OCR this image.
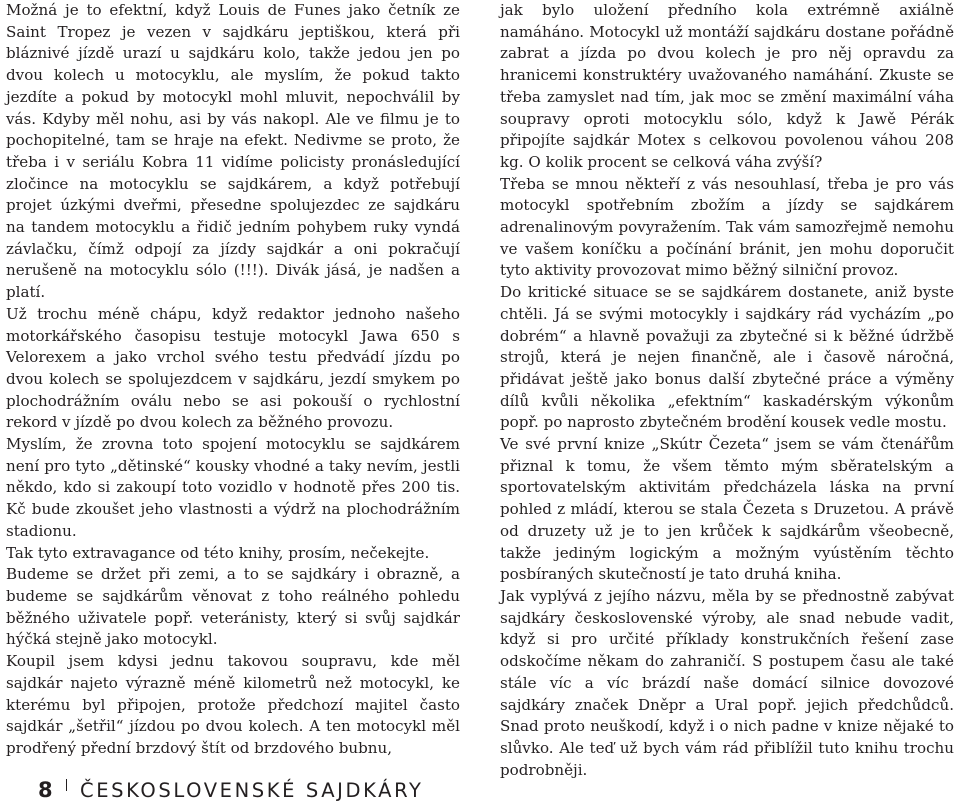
Možná je to efektní, když Louis de Funes jako četník ze Saint Tropez je vezen v sajdkáru jeptiškou, která při bláznivé jízdě urazí u sajdkáru kolo, takže jedou jen po dvou kolech u motocyklu, ale myslím, že pokud takto jezdíte a pokud by motocykl mohl mluvit, nepochválil by vás. Kdyby měl nohu, asi by vás nakopl. Ale ve filmu je to pochopitelné, tam se hraje na efekt. Nedivme se proto, že třeba i v seriálu Kobra 11 vidíme policisty pronásledující zločince na motocyklu se sajdkárem, a když potřebují projet úzkými dveřmi, přesedne spolujezdec ze sajdkáru na tandem motocyklu a řidič jedním pohybem ruky vyndá závlačku, čímž odpojí za jízdy sajdkár a oni pokračují nerušeně na motocyklu sólo (!!!). Divák jásá, je nadšen a platí.

Už trochu méně chápu, když redaktor jednoho našeho motorkářského časopisu testuje motocykl Jawa 650 s Velorexem a jako vrchol svého testu předvádí jízdu po dvou kolech se spolujezdcem v sajdkáru, jezdí smykem po plochodrážním oválu nebo se asi pokouší o rychlostní rekord v jízdě po dvou kolech za běžného provozu.

Myslím, že zrovna toto spojení motocyklu se sajdkárem není pro tyto „dětinské“ kousky vhodné a taky nevím, jestli někdo, kdo si zakoupí toto vozidlo v hodnotě přes 200 tis. Kč bude zkoušet jeho vlastnosti a výdrž na plochodrážním stadionu.

Tak tyto extravagance od této knihy, prosím, nečekejte.

Budeme se držet při zemi, a to se sajdkáry i obrazně, a budeme se sajdkárům věnovat z toho reálného pohledu běžného uživatele popř. veteránisty, který si svůj sajdkár hýčká stejně jako motocykl.

Koupil jsem kdysi jednu takovou soupravu, kde měl sajdkár najeto výrazně méně kilometrů než motocykl, ke kterému byl připojen, protože předchozí majitel často sajdkár „šetřil“ jízdou po dvou kolech. A ten motocykl měl prodřený přední brzdový štít od brzdového bubnu,

jak bylo uložení předního kola extrémně axiálně namáháno. Motocykl už montáží sajdkáru dostane pořádně zabrat a jízda po dvou kolech je pro něj opravdu za hranicemi konstruktéry uvažovaného namáhání. Zkuste se třeba zamyslet nad tím, jak moc se změní maximální váha soupravy oproti motocyklu sólo, když k Jawě Pérák připojíte sajdkár Motex s celkovou povolenou váhou 208 kg. O kolik procent se celková váha zvýší?

Třeba se mnou někteří z vás nesouhlasí, třeba je pro vás motocykl spotřebním zbožím a jízdy se sajdkárem adrenalinovým povyražením. Tak vám samozřejmě nemohu ve vašem koníčku a počínání bránit, jen mohu doporučit tyto aktivity provozovat mimo běžný silniční provoz.

Do kritické situace se se sajdkárem dostanete, aniž byste chtěli. Já se svými motocykly i sajdkáry rád vycházím „po dobrém“ a hlavně považuji za zbytečné si k běžné údržbě strojů, která je nejen finančně, ale i časově náročná, přidávat ještě jako bonus další zbytečné práce a výměny dílů kvůli několika „efektním“ kaskadérským výkonům popř. po naprosto zbytečném brodění kousek vedle mostu.

Ve své první knize „Skútr Čezeta“ jsem se vám čtenářům přiznal k tomu, že všem těmto mým sběratelským a sportovatelským aktivitám předcházela láska na první pohled z mládí, kterou se stala Čezeta s Druzetou. A právě od druzety už je to jen krůček k sajdkárům všeobecně, takže jediným logickým a možným vyústěním těchto posbíraných skutečností je tato druhá kniha.

Jak vyplývá z jejího názvu, měla by se přednostně zabývat sajdkáry československé výroby, ale snad nebude vadit, když si pro určité příklady konstrukčních řešení zase odskočíme někam do zahraničí. S postupem času ale také stále víc a víc brázdí naše domácí silnice dovozové sajdkáry značek Dněpr a Ural popř. jejich předchůdců. Snad proto neuškodí, když i o nich padne v knize nějaké to slůvko. Ale teď už bych vám rád přiblížil tuto knihu trochu podrobněji.

8 ČESKOSLOVENSKÉ SAJDKÁRY
